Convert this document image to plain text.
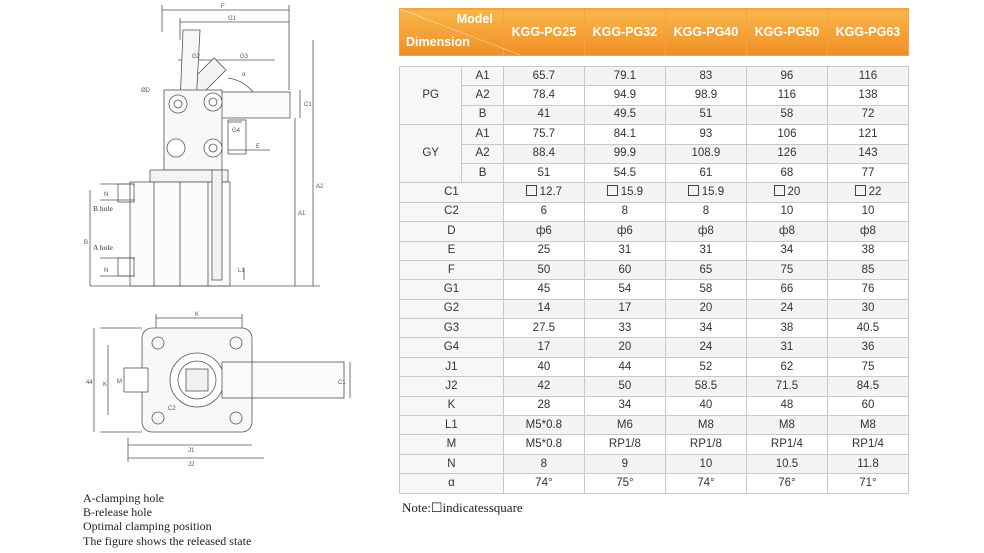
F
G1
G2	G3
α
ØD
C1
G4
E
A2
A1
L1
B hole
A hole
B
N
N
K
M
K
C2
C1
J1
J2
44
Model
Dimension		KGG-PG25	KGG-PG32	KGG-PG40	KGG-PG50	KGG-PG63

PG	A1	65.7	79.1	83	96	116
	A2	78.4	94.9	98.9	116	138
	B	41	49.5	51	58	72
GY	A1	75.7	84.1	93	106	121
	A2	88.4	99.9	108.9	126	143
	B	51	54.5	61	68	77
C1		12.7	15.9	15.9	20	22
C2		6	8	8	10	10
D		ф6	ф6	ф8	ф8	ф8
E		25	31	31	34	38
F		50	60	65	75	85
G1		45	54	58	66	76
G2		14	17	20	24	30
G3		27.5	33	34	38	40.5
G4		17	20	24	31	36
J1		40	44	52	62	75
J2		42	50	58.5	71.5	84.5
K		28	34	40	48	60
L1		M5*0.8	M6	M8	M8	M8
M		M5*0.8	RP1/8	RP1/8	RP1/4	RP1/4
N		8	9	10	10.5	11.8
α		74°	75°	74°	76°	71°
Note:☐indicatessquare
A-clamping hole
B-release hole
Optimal clamping position
The figure shows the released state
